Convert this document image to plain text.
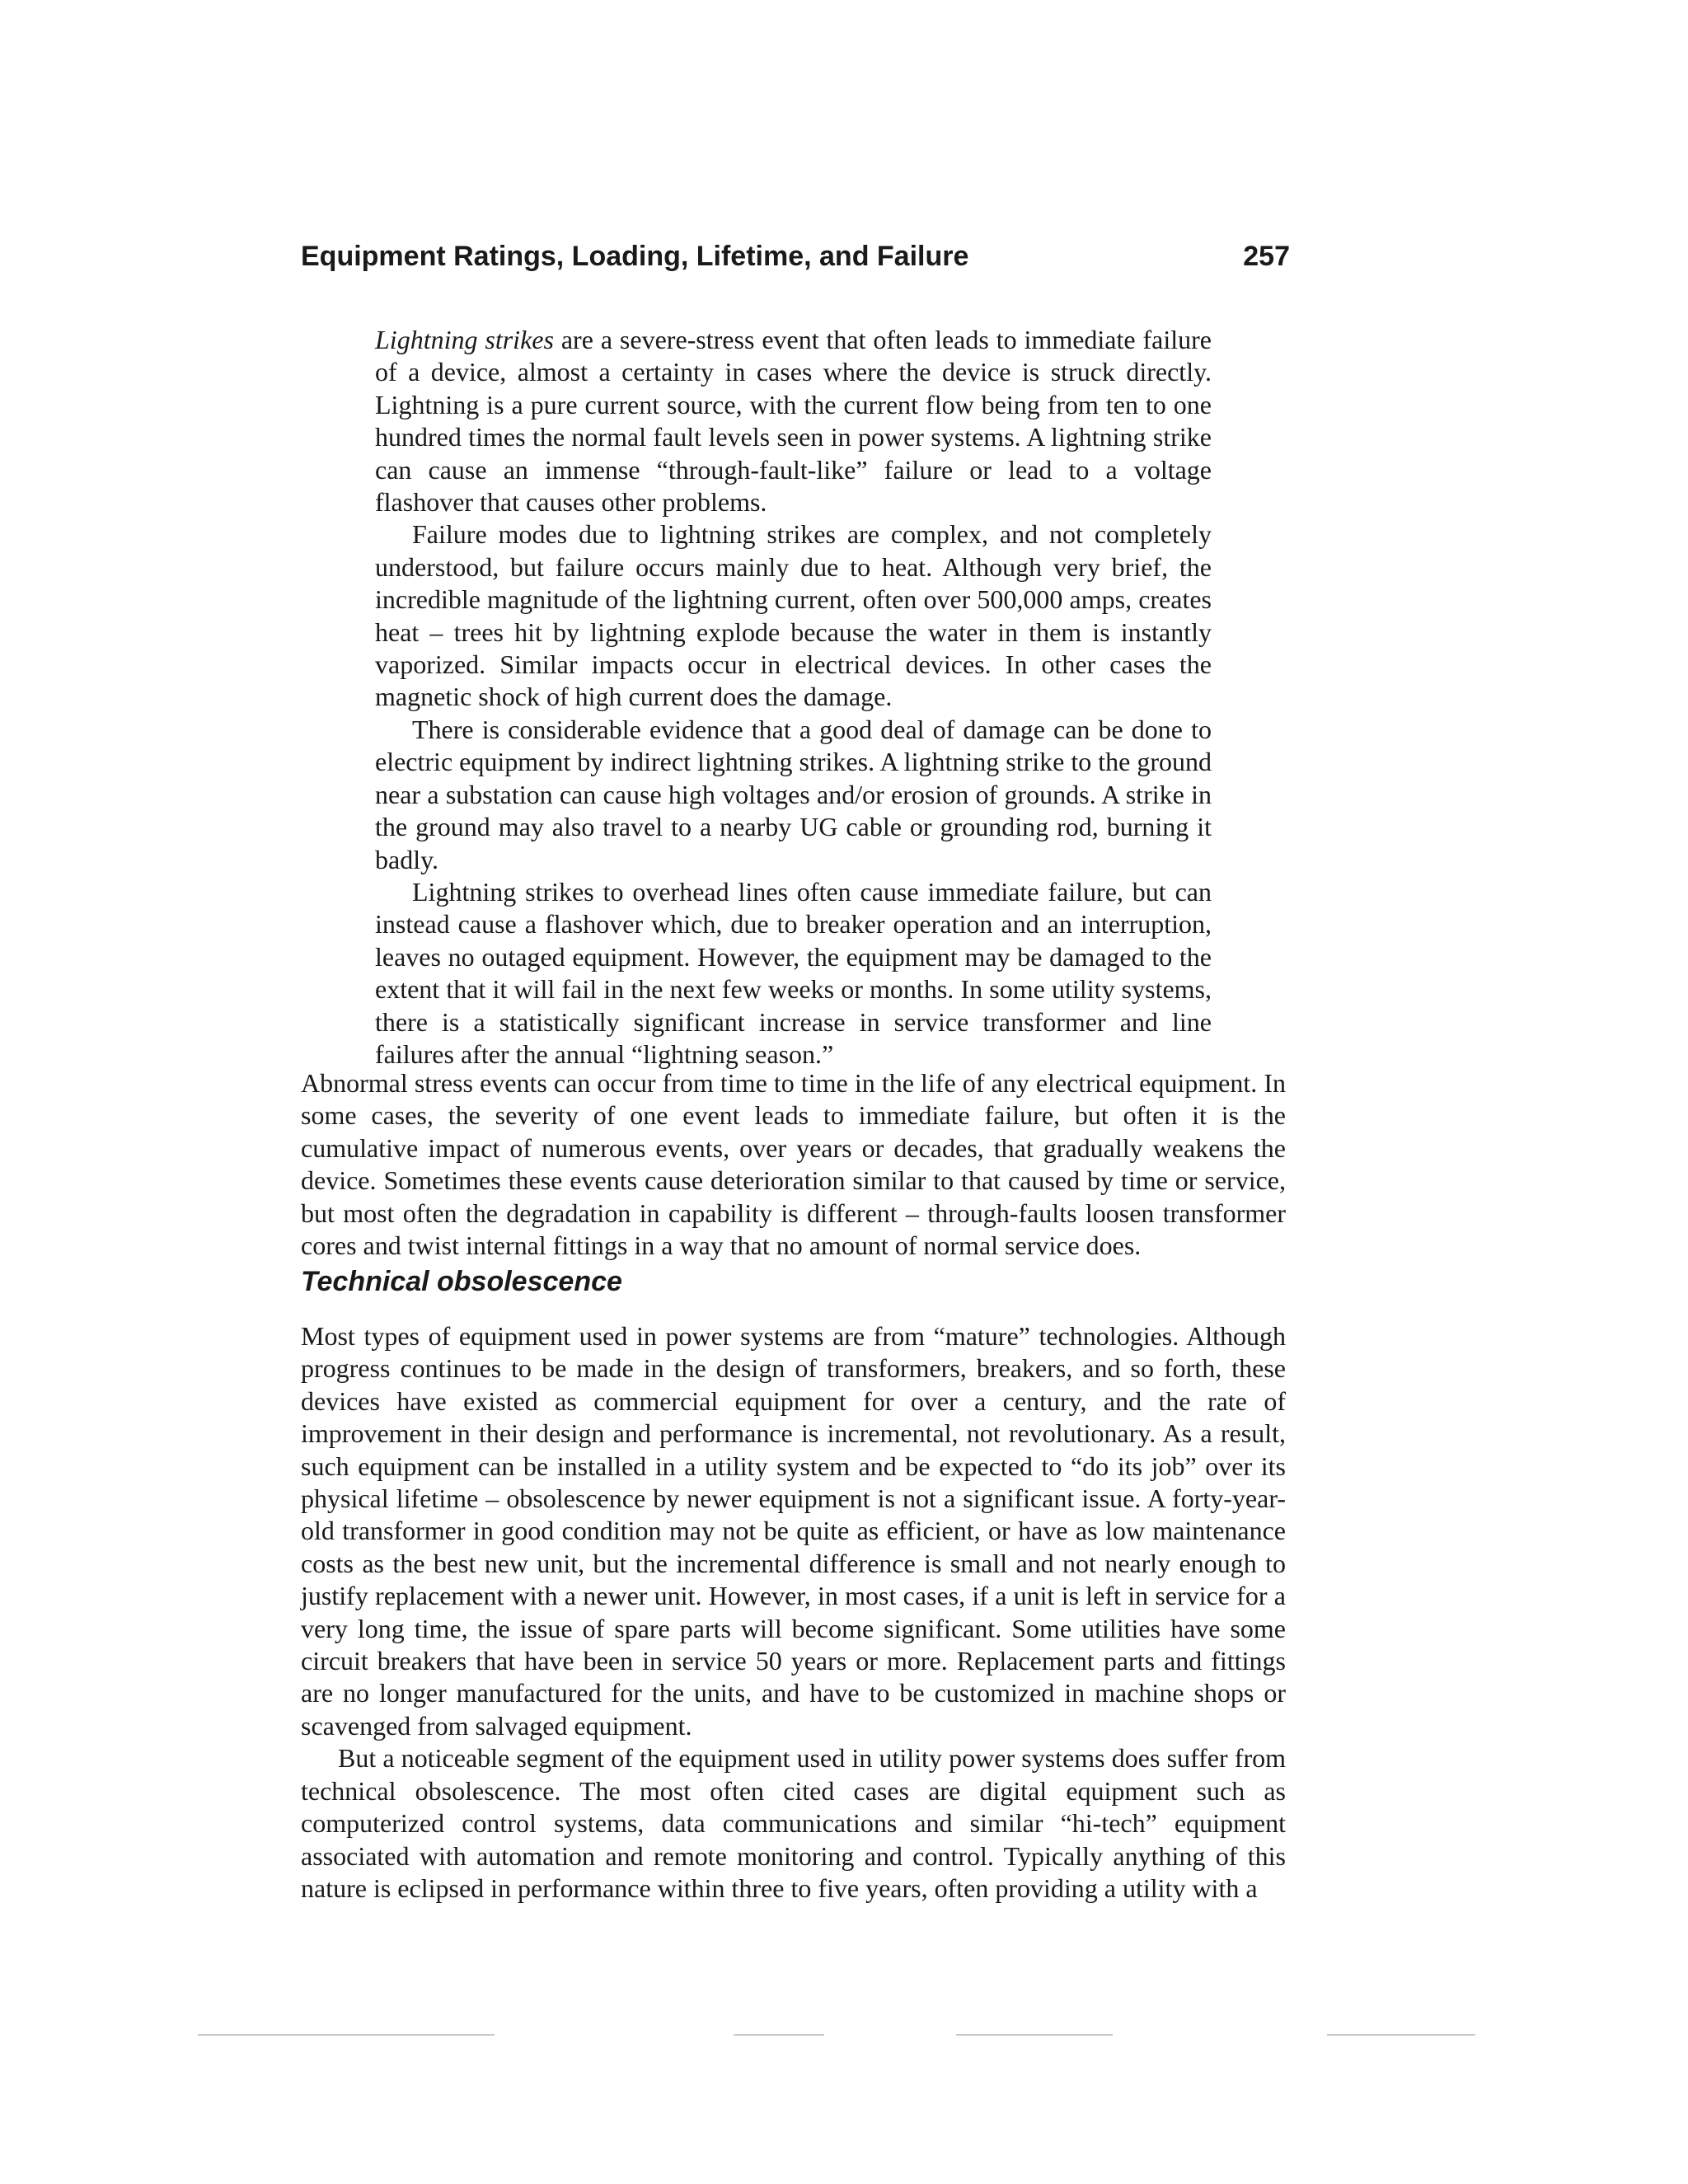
Equipment Ratings, Loading, Lifetime, and Failure	257

Lightning strikes are a severe-stress event that often leads to immediate failure of a device, almost a certainty in cases where the device is struck directly. Lightning is a pure current source, with the current flow being from ten to one hundred times the normal fault levels seen in power systems. A lightning strike can cause an immense “through-fault-like” failure or lead to a voltage flashover that causes other problems.

Failure modes due to lightning strikes are complex, and not completely understood, but failure occurs mainly due to heat. Although very brief, the incredible magnitude of the lightning current, often over 500,000 amps, creates heat – trees hit by lightning explode because the water in them is instantly vaporized. Similar impacts occur in electrical devices. In other cases the magnetic shock of high current does the damage.

There is considerable evidence that a good deal of damage can be done to electric equipment by indirect lightning strikes. A lightning strike to the ground near a substation can cause high voltages and/or erosion of grounds. A strike in the ground may also travel to a nearby UG cable or grounding rod, burning it badly.

Lightning strikes to overhead lines often cause immediate failure, but can instead cause a flashover which, due to breaker operation and an interruption, leaves no outaged equipment. However, the equipment may be damaged to the extent that it will fail in the next few weeks or months. In some utility systems, there is a statistically significant increase in service transformer and line failures after the annual “lightning season.”

Abnormal stress events can occur from time to time in the life of any electrical equipment. In some cases, the severity of one event leads to immediate failure, but often it is the cumulative impact of numerous events, over years or decades, that gradually weakens the device. Sometimes these events cause deterioration similar to that caused by time or service, but most often the degradation in capability is different – through-faults loosen transformer cores and twist internal fittings in a way that no amount of normal service does.

Technical obsolescence

Most types of equipment used in power systems are from “mature” technologies. Although progress continues to be made in the design of transformers, breakers, and so forth, these devices have existed as commercial equipment for over a century, and the rate of improvement in their design and performance is incremental, not revolutionary. As a result, such equipment can be installed in a utility system and be expected to “do its job” over its physical lifetime – obsolescence by newer equipment is not a significant issue. A forty-year-old transformer in good condition may not be quite as efficient, or have as low maintenance costs as the best new unit, but the incremental difference is small and not nearly enough to justify replacement with a newer unit. However, in most cases, if a unit is left in service for a very long time, the issue of spare parts will become significant. Some utilities have some circuit breakers that have been in service 50 years or more. Replacement parts and fittings are no longer manufactured for the units, and have to be customized in machine shops or scavenged from salvaged equipment.

But a noticeable segment of the equipment used in utility power systems does suffer from technical obsolescence. The most often cited cases are digital equipment such as computerized control systems, data communications and similar “hi-tech” equipment associated with automation and remote monitoring and control. Typically anything of this nature is eclipsed in performance within three to five years, often providing a utility with a
